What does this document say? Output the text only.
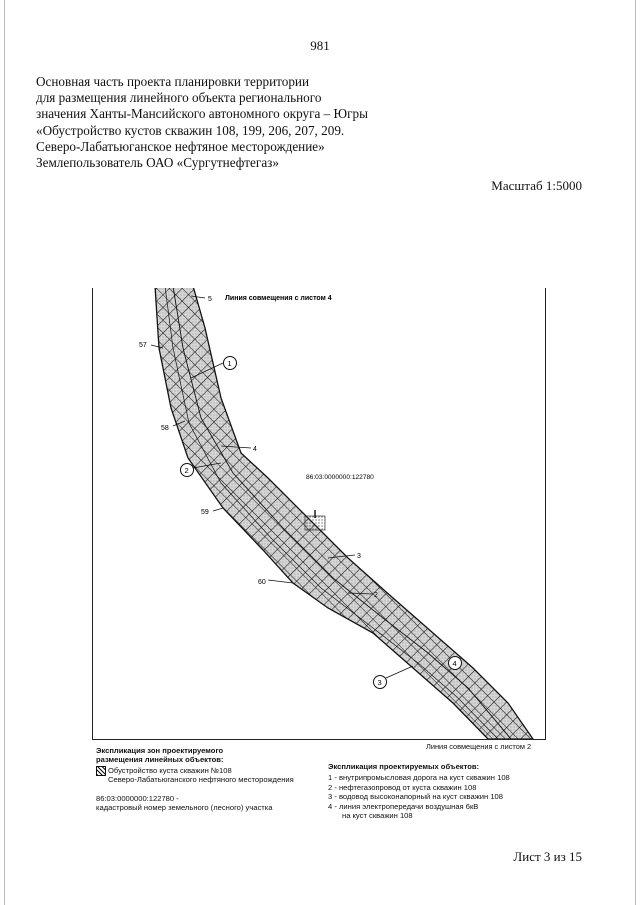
981
Основная часть проекта планировки территории
для размещения линейного объекта регионального
значения Ханты-Мансийского автономного округа – Югры
«Обустройство кустов скважин 108, 199, 206, 207, 209.
Северо-Лабатьюганское нефтяное месторождение»
Землепользователь ОАО «Сургутнефтегаз»
Масштаб 1:5000
5
57
58
4
59
60
3
2
1
2
3
4
86:03:0000000:122780
Линия совмещения с листом 4
Линия совмещения с листом 2
Экспликация зон проектируемого
размещения линейных объектов:
Обустройство куста скважин №108
Северо-Лабатьюганского нефтяного месторождения
86:03:0000000:122780 -
кадастровый номер земельного (лесного) участка
Экспликация проектируемых объектов:
1 - внутрипромысловая дорога на куст скважин 108
2 - нефтегазопровод от куста скважин 108
3 - водовод высоконапорный на куст скважин 108
4 - линия электропередачи воздушная 6кВ
на куст скважин 108
Лист 3 из 15
